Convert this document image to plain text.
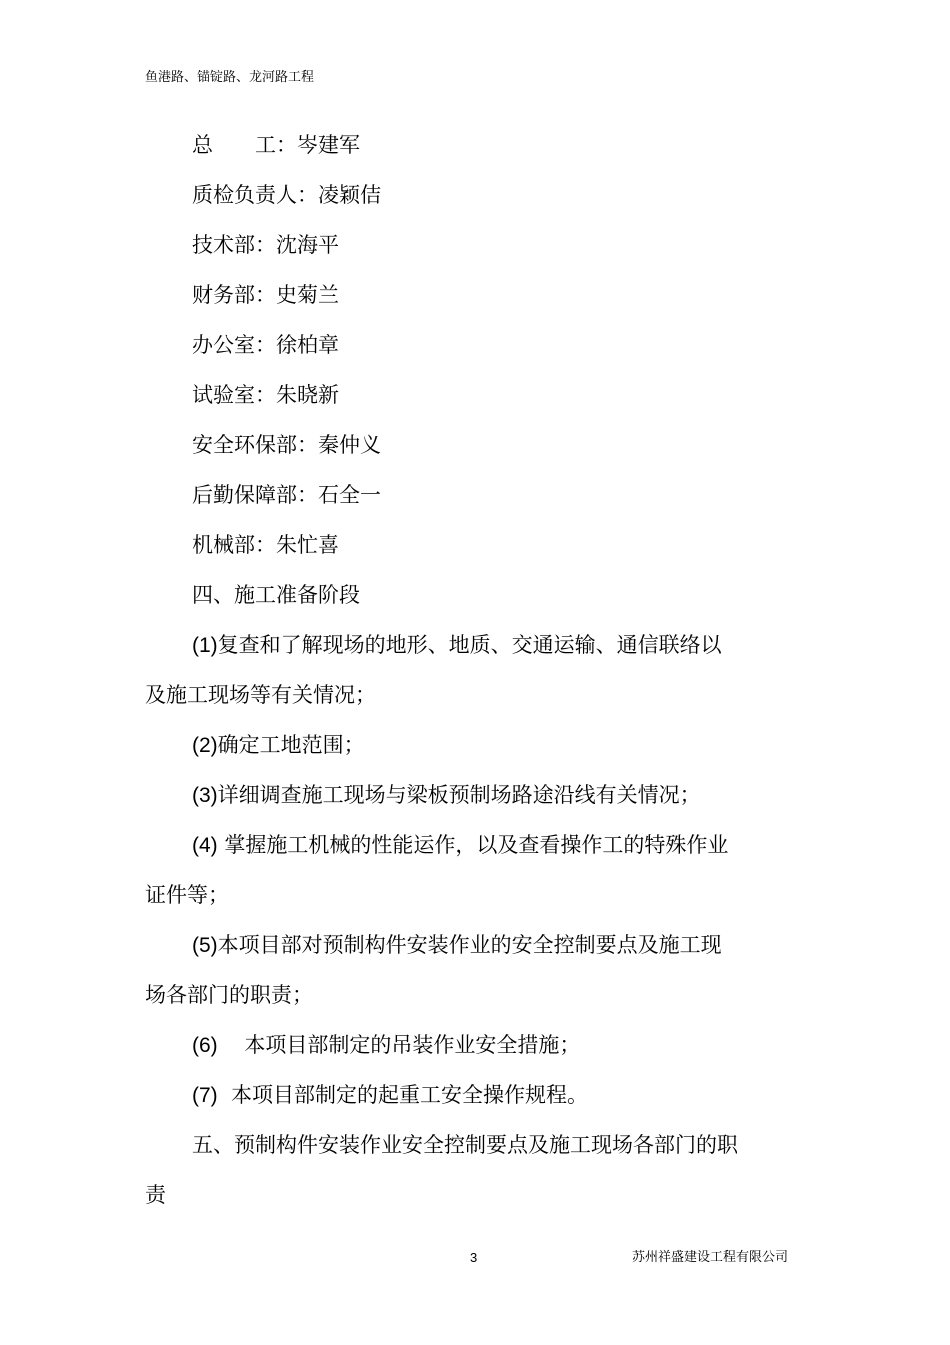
鱼港路、锚锭路、龙河路工程
总　　工：岑建军
质检负责人：凌颖佶
技术部：沈海平
财务部：史菊兰
办公室：徐柏章
试验室：朱晓新
安全环保部：秦仲义
后勤保障部：石全一
机械部：朱忙喜
四、施工准备阶段
(1)复查和了解现场的地形、地质、交通运输、通信联络以
及施工现场等有关情况；
(2)确定工地范围；
(3)详细调查施工现场与梁板预制场路途沿线有关情况；
(4) 掌握施工机械的性能运作，以及查看操作工的特殊作业
证件等；
(5)本项目部对预制构件安装作业的安全控制要点及施工现
场各部门的职责；
(6) 本项目部制定的吊装作业安全措施；
(7) 本项目部制定的起重工安全操作规程。
五、预制构件安装作业安全控制要点及施工现场各部门的职
责
3	苏州祥盛建设工程有限公司
